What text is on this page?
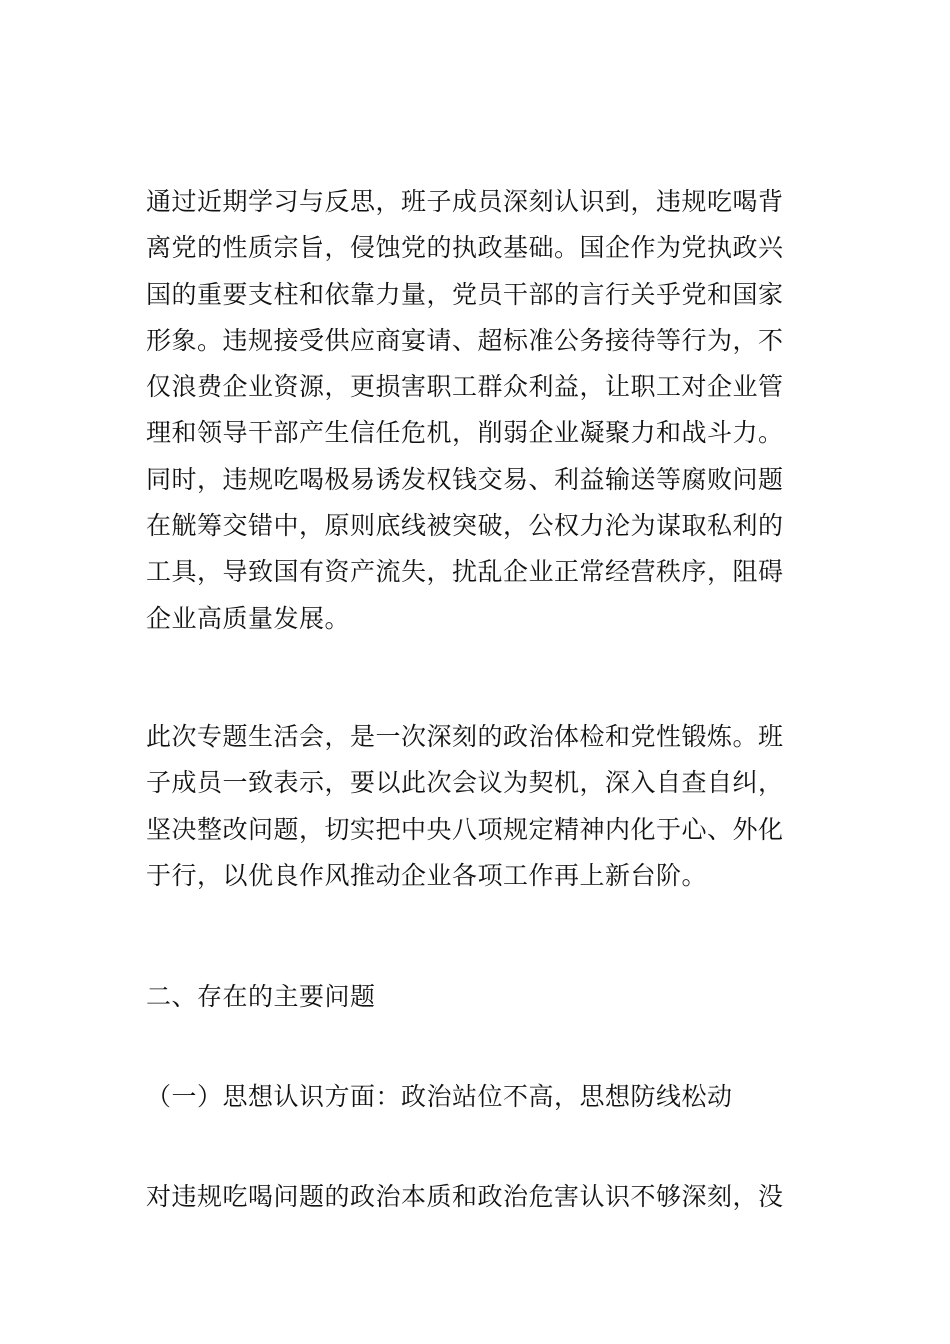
通过近期学习与反思，班子成员深刻认识到，违规吃喝背
离党的性质宗旨，侵蚀党的执政基础。国企作为党执政兴
国的重要支柱和依靠力量，党员干部的言行关乎党和国家
形象。违规接受供应商宴请、超标准公务接待等行为，不
仅浪费企业资源，更损害职工群众利益，让职工对企业管
理和领导干部产生信任危机，削弱企业凝聚力和战斗力。
同时，违规吃喝极易诱发权钱交易、利益输送等腐败问题
在觥筹交错中，原则底线被突破，公权力沦为谋取私利的
工具，导致国有资产流失，扰乱企业正常经营秩序，阻碍
企业高质量发展。
此次专题生活会，是一次深刻的政治体检和党性锻炼。班
子成员一致表示，要以此次会议为契机，深入自查自纠，
坚决整改问题，切实把中央八项规定精神内化于心、外化
于行，以优良作风推动企业各项工作再上新台阶。
二、存在的主要问题
（一）思想认识方面：政治站位不高，思想防线松动
对违规吃喝问题的政治本质和政治危害认识不够深刻，没
